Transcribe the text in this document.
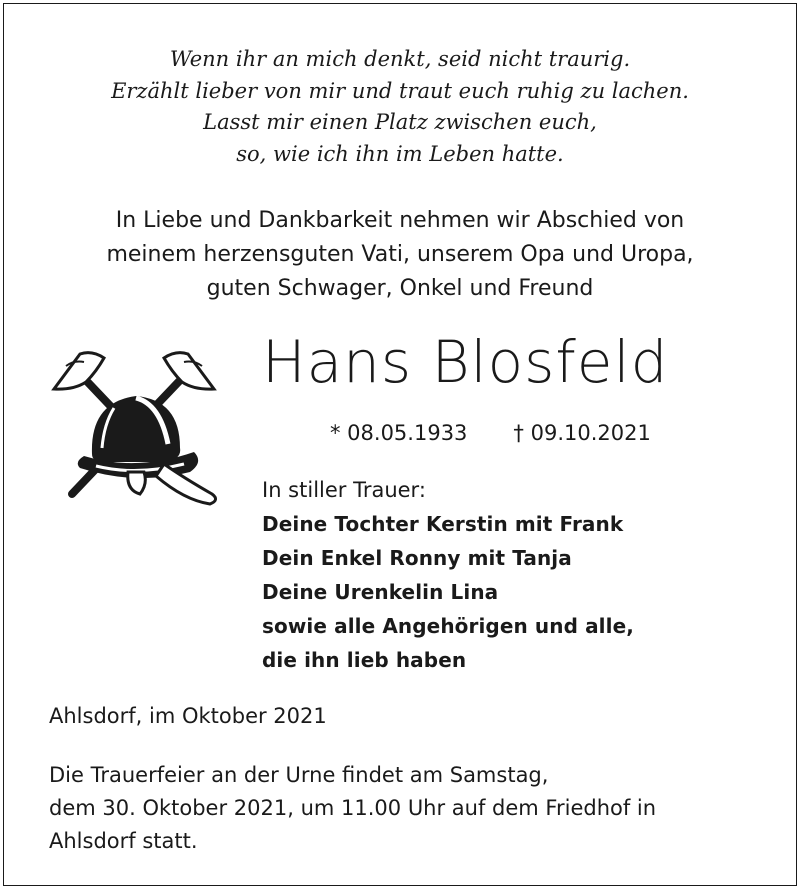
Wenn ihr an mich denkt, seid nicht traurig.
Erzählt lieber von mir und traut euch ruhig zu lachen.
Lasst mir einen Platz zwischen euch,
so, wie ich ihn im Leben hatte.
In Liebe und Dankbarkeit nehmen wir Abschied von
meinem herzensguten Vati, unserem Opa und Uropa,
guten Schwager, Onkel und Freund
Hans Blosfeld
* 08.05.1933 † 09.10.2021
In stiller Trauer:
Deine Tochter Kerstin mit Frank
Dein Enkel Ronny mit Tanja
Deine Urenkelin Lina
sowie alle Angehörigen und alle,
die ihn lieb haben
Ahlsdorf, im Oktober 2021
Die Trauerfeier an der Urne findet am Samstag,
dem 30. Oktober 2021, um 11.00 Uhr auf dem Friedhof in
Ahlsdorf statt.
